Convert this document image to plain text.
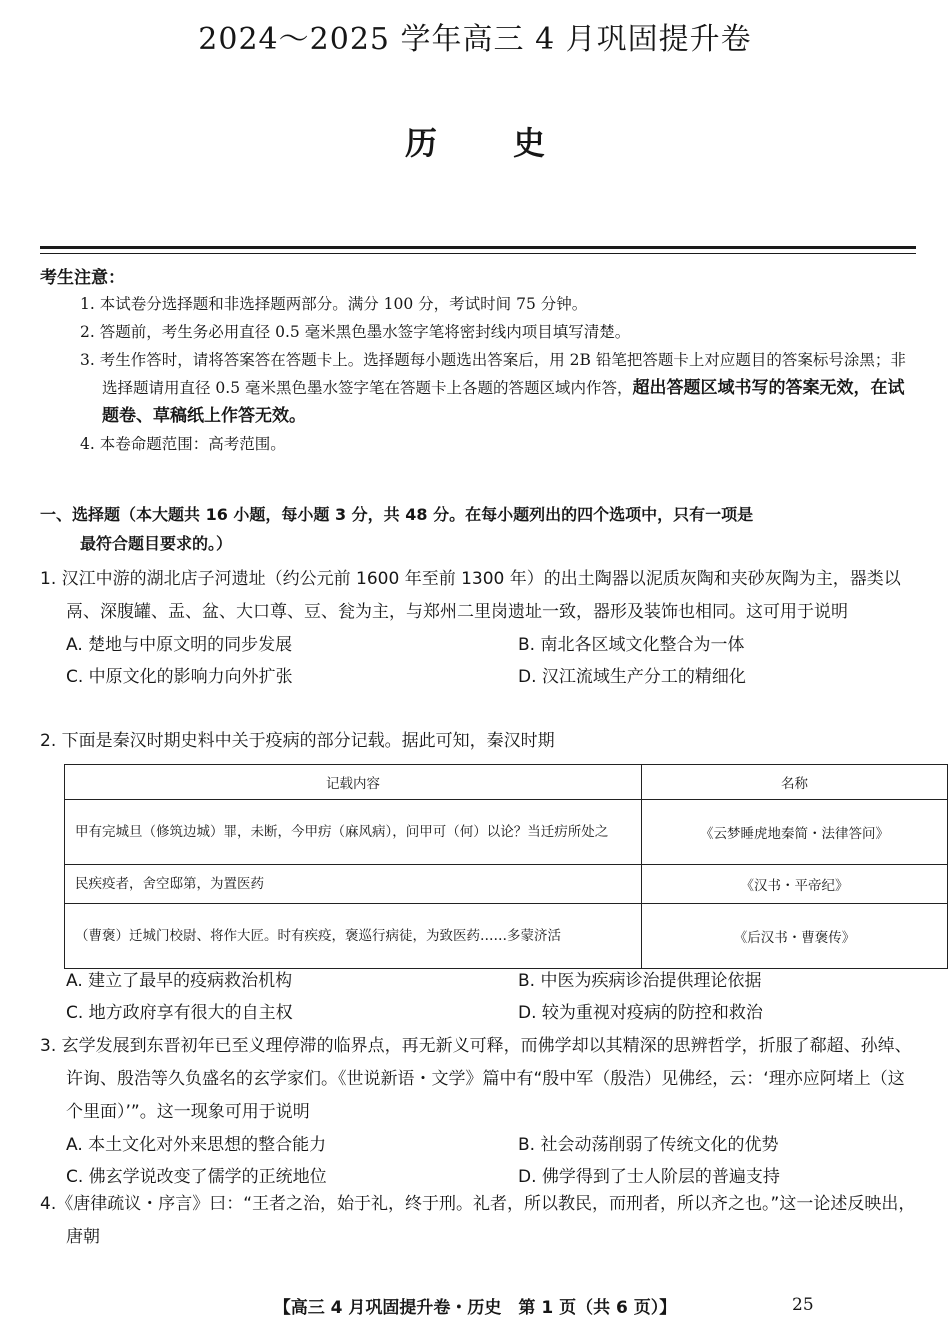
2024～2025 学年高三 4 月巩固提升卷
历 史
考生注意：
1. 本试卷分选择题和非选择题两部分。满分 100 分，考试时间 75 分钟。
2. 答题前，考生务必用直径 0.5 毫米黑色墨水签字笔将密封线内项目填写清楚。
3. 考生作答时，请将答案答在答题卡上。选择题每小题选出答案后，用 2B 铅笔把答题卡上对应题目的答案标号涂黑；非选择题请用直径 0.5 毫米黑色墨水签字笔在答题卡上各题的答题区域内作答，超出答题区域书写的答案无效，在试题卷、草稿纸上作答无效。
4. 本卷命题范围：高考范围。
一、选择题（本大题共 16 小题，每小题 3 分，共 48 分。在每小题列出的四个选项中，只有一项是
最符合题目要求的。）
1. 汉江中游的湖北店子河遗址（约公元前 1600 年至前 1300 年）的出土陶器以泥质灰陶和夹砂灰陶为主，器类以鬲、深腹罐、盂、盆、大口尊、豆、瓮为主，与郑州二里岗遗址一致，器形及装饰也相同。这可用于说明
A. 楚地与中原文明的同步发展	B. 南北各区域文化整合为一体
C. 中原文化的影响力向外扩张	D. 汉江流域生产分工的精细化
2. 下面是秦汉时期史料中关于疫病的部分记载。据此可知，秦汉时期
记载内容	名称
甲有完城旦（修筑边城）罪，未断，今甲疠（麻风病），问甲可（何）以论？当迁疠所处之	《云梦睡虎地秦简・法律答问》
民疾疫者，舍空邸第，为置医药	《汉书・平帝纪》
（曹褒）迁城门校尉、将作大匠。时有疾疫，褒巡行病徒，为致医药……多蒙济活	《后汉书・曹褒传》
A. 建立了最早的疫病救治机构	B. 中医为疾病诊治提供理论依据
C. 地方政府享有很大的自主权	D. 较为重视对疫病的防控和救治
3. 玄学发展到东晋初年已至义理停滞的临界点，再无新义可释，而佛学却以其精深的思辨哲学，折服了郗超、孙绰、许询、殷浩等久负盛名的玄学家们。《世说新语・文学》篇中有“殷中军（殷浩）见佛经，云：‘理亦应阿堵上（这个里面）’”。这一现象可用于说明
A. 本土文化对外来思想的整合能力	B. 社会动荡削弱了传统文化的优势
C. 佛玄学说改变了儒学的正统地位	D. 佛学得到了士人阶层的普遍支持
4.《唐律疏议・序言》曰：“王者之治，始于礼，终于刑。礼者，所以教民，而刑者，所以齐之也。”这一论述反映出，唐朝
【高三 4 月巩固提升卷・历史　第 1 页（共 6 页）】	25
